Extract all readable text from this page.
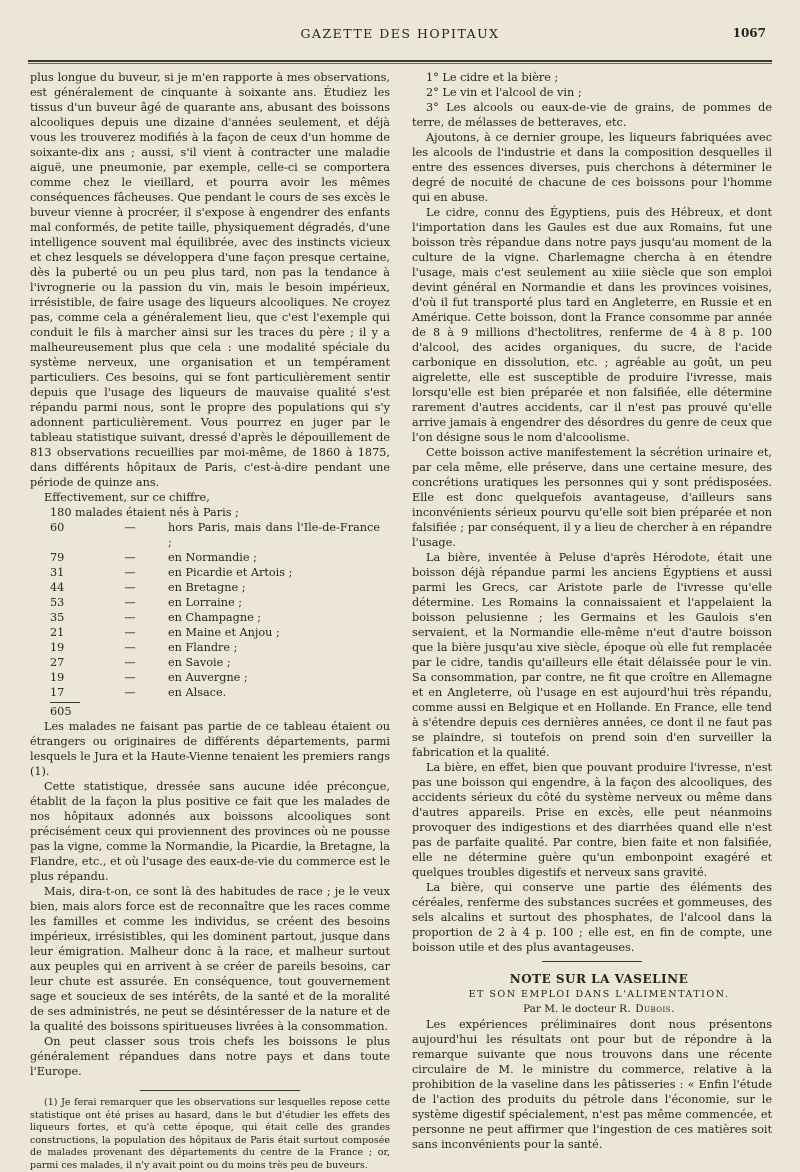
GAZETTE DES HOPITAUX	1067

plus longue du buveur, si je m'en rapporte à mes observations, est généralement de cinquante à soixante ans. Étudiez les tissus d'un buveur âgé de quarante ans, abusant des boissons alcooliques depuis une dizaine d'années seulement, et déjà vous les trouverez modifiés à la façon de ceux d'un homme de soixante-dix ans ; aussi, s'il vient à contracter une maladie aiguë, une pneumonie, par exemple, celle-ci se comportera comme chez le vieillard, et pourra avoir les mêmes conséquences fâcheuses. Que pendant le cours de ses excès le buveur vienne à procréer, il s'expose à engendrer des enfants mal conformés, de petite taille, physiquement dégradés, d'une intelligence souvent mal équilibrée, avec des instincts vicieux et chez lesquels se développera d'une façon presque certaine, dès la puberté ou un peu plus tard, non pas la tendance à l'ivrognerie ou la passion du vin, mais le besoin impérieux, irrésistible, de faire usage des liqueurs alcooliques. Ne croyez pas, comme cela a généralement lieu, que c'est l'exemple qui conduit le fils à marcher ainsi sur les traces du père ; il y a malheureusement plus que cela : une modalité spéciale du système nerveux, une organisation et un tempérament particuliers. Ces besoins, qui se font particulièrement sentir depuis que l'usage des liqueurs de mauvaise qualité s'est répandu parmi nous, sont le propre des populations qui s'y adonnent particulièrement. Vous pourrez en juger par le tableau statistique suivant, dressé d'après le dépouillement de 813 observations recueillies par moi-même, de 1860 à 1875, dans différents hôpitaux de Paris, c'est-à-dire pendant une période de quinze ans.

Effectivement, sur ce chiffre,

180 malades étaient nés à Paris ;
60	—	hors Paris, mais dans l'Ile-de-France ;
79	—	en Normandie ;
31	—	en Picardie et Artois ;
44	—	en Bretagne ;
53	—	en Lorraine ;
35	—	en Champagne ;
21	—	en Maine et Anjou ;
19	—	en Flandre ;
27	—	en Savoie ;
19	—	en Auvergne ;
17	—	en Alsace.
605

Les malades ne faisant pas partie de ce tableau étaient ou étrangers ou originaires de différents départements, parmi lesquels le Jura et la Haute-Vienne tenaient les premiers rangs (1).

Cette statistique, dressée sans aucune idée préconçue, établit de la façon la plus positive ce fait que les malades de nos hôpitaux adonnés aux boissons alcooliques sont précisément ceux qui proviennent des provinces où ne pousse pas la vigne, comme la Normandie, la Picardie, la Bretagne, la Flandre, etc., et où l'usage des eaux-de-vie du commerce est le plus répandu.

Mais, dira-t-on, ce sont là des habitudes de race ; je le veux bien, mais alors force est de reconnaître que les races comme les familles et comme les individus, se créent des besoins impérieux, irrésistibles, qui les dominent partout, jusque dans leur émigration. Malheur donc à la race, et malheur surtout aux peuples qui en arrivent à se créer de pareils besoins, car leur chute est assurée. En conséquence, tout gouvernement sage et soucieux de ses intérêts, de la santé et de la moralité de ses administrés, ne peut se désintéresser de la nature et de la qualité des boissons spiritueuses livrées à la consommation.

On peut classer sous trois chefs les boissons le plus généralement répandues dans notre pays et dans toute l'Europe.

(1) Je ferai remarquer que les observations sur lesquelles repose cette statistique ont été prises au hasard, dans le but d'étudier les effets des liqueurs fortes, et qu'à cette époque, qui était celle des grandes constructions, la population des hôpitaux de Paris était surtout composée de malades provenant des départements du centre de la France ; or, parmi ces malades, il n'y avait point ou du moins très peu de buveurs.

1° Le cidre et la bière ;

2° Le vin et l'alcool de vin ;

3° Les alcools ou eaux-de-vie de grains, de pommes de terre, de mélasses de betteraves, etc.

Ajoutons, à ce dernier groupe, les liqueurs fabriquées avec les alcools de l'industrie et dans la composition desquelles il entre des essences diverses, puis cherchons à déterminer le degré de nocuité de chacune de ces boissons pour l'homme qui en abuse.

Le cidre, connu des Égyptiens, puis des Hébreux, et dont l'importation dans les Gaules est due aux Romains, fut une boisson très répandue dans notre pays jusqu'au moment de la culture de la vigne. Charlemagne chercha à en étendre l'usage, mais c'est seulement au xiiie siècle que son emploi devint général en Normandie et dans les provinces voisines, d'où il fut transporté plus tard en Angleterre, en Russie et en Amérique. Cette boisson, dont la France consomme par année de 8 à 9 millions d'hectolitres, renferme de 4 à 8 p. 100 d'alcool, des acides organiques, du sucre, de l'acide carbonique en dissolution, etc. ; agréable au goût, un peu aigrelette, elle est susceptible de produire l'ivresse, mais lorsqu'elle est bien préparée et non falsifiée, elle détermine rarement d'autres accidents, car il n'est pas prouvé qu'elle arrive jamais à engendrer des désordres du genre de ceux que l'on désigne sous le nom d'alcoolisme.

Cette boisson active manifestement la sécrétion urinaire et, par cela même, elle préserve, dans une certaine mesure, des concrétions uratiques les personnes qui y sont prédisposées. Elle est donc quelquefois avantageuse, d'ailleurs sans inconvénients sérieux pourvu qu'elle soit bien préparée et non falsifiée ; par conséquent, il y a lieu de chercher à en répandre l'usage.

La bière, inventée à Peluse d'après Hérodote, était une boisson déjà répandue parmi les anciens Égyptiens et aussi parmi les Grecs, car Aristote parle de l'ivresse qu'elle détermine. Les Romains la connaissaient et l'appelaient la boisson pelusienne ; les Germains et les Gaulois s'en servaient, et la Normandie elle-même n'eut d'autre boisson que la bière jusqu'au xive siècle, époque où elle fut remplacée par le cidre, tandis qu'ailleurs elle était délaissée pour le vin. Sa consommation, par contre, ne fit que croître en Allemagne et en Angleterre, où l'usage en est aujourd'hui très répandu, comme aussi en Belgique et en Hollande. En France, elle tend à s'étendre depuis ces dernières années, ce dont il ne faut pas se plaindre, si toutefois on prend soin d'en surveiller la fabrication et la qualité.

La bière, en effet, bien que pouvant produire l'ivresse, n'est pas une boisson qui engendre, à la façon des alcooliques, des accidents sérieux du côté du système nerveux ou même dans d'autres appareils. Prise en excès, elle peut néanmoins provoquer des indigestions et des diarrhées quand elle n'est pas de parfaite qualité. Par contre, bien faite et non falsifiée, elle ne détermine guère qu'un embonpoint exagéré et quelques troubles digestifs et nerveux sans gravité.

La bière, qui conserve une partie des éléments des céréales, renferme des substances sucrées et gommeuses, des sels alcalins et surtout des phosphates, de l'alcool dans la proportion de 2 à 4 p. 100 ; elle est, en fin de compte, une boisson utile et des plus avantageuses.

NOTE SUR LA VASELINE

ET SON EMPLOI DANS L'ALIMENTATION.

Par M. le docteur R. Dubois.

Les expériences préliminaires dont nous présentons aujourd'hui les résultats ont pour but de répondre à la remarque suivante que nous trouvons dans une récente circulaire de M. le ministre du commerce, relative à la prohibition de la vaseline dans les pâtisseries : « Enfin l'étude de l'action des produits du pétrole dans l'économie, sur le système digestif spécialement, n'est pas même commencée, et personne ne peut affirmer que l'ingestion de ces matières soit sans inconvénients pour la santé.
